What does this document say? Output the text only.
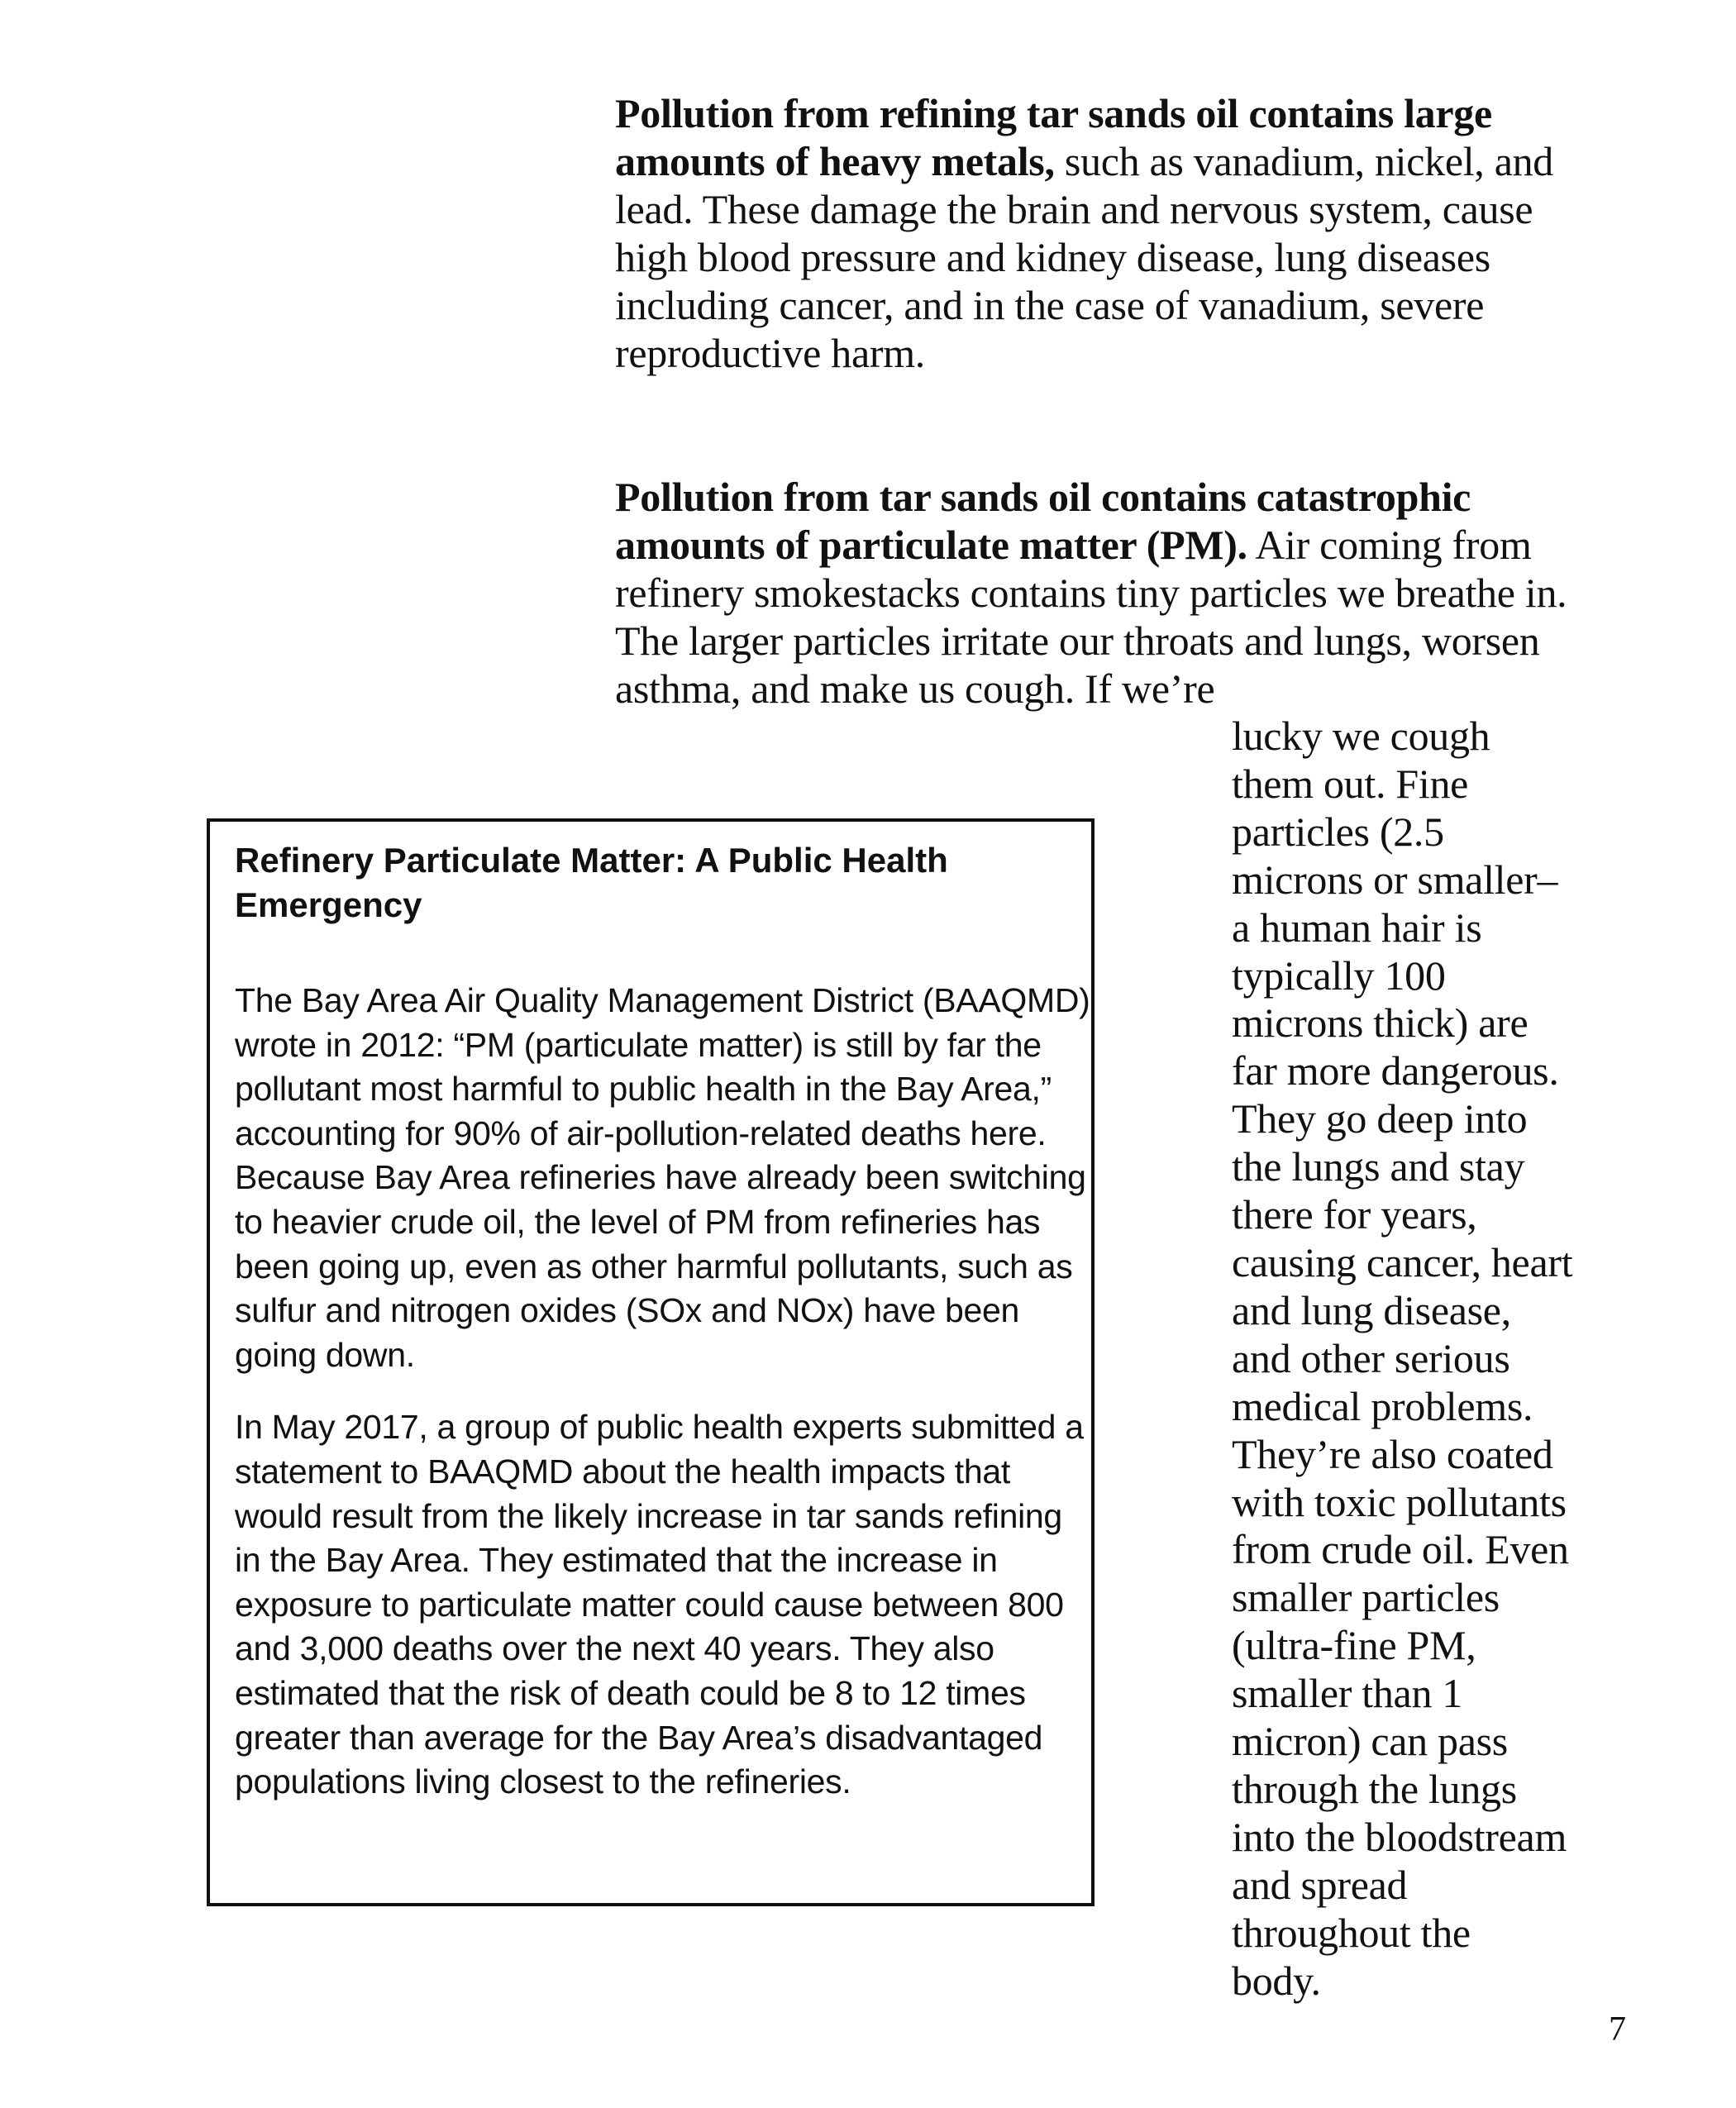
Pollution from refining tar sands oil contains large amounts of heavy metals, such as vanadium, nickel, and lead. These damage the brain and nervous system, cause high blood pressure and kidney disease, lung diseases including cancer, and in the case of vanadium, severe reproductive harm.
Pollution from tar sands oil contains catastrophic amounts of particulate matter (PM). Air coming from refinery smokestacks contains tiny particles we breathe in. The larger particles irritate our throats and lungs, worsen asthma, and make us cough. If we’re
lucky we cough
them out. Fine
particles (2.5
microns or smaller–
a human hair is
typically 100
microns thick) are
far more dangerous.
They go deep into
the lungs and stay
there for years,
causing cancer, heart
and lung disease,
and other serious
medical problems.
They’re also coated
with toxic pollutants
from crude oil. Even
smaller particles
(ultra-fine PM,
smaller than 1
micron) can pass
through the lungs
into the bloodstream
and spread
throughout the
body.

Refinery Particulate Matter: A Public Health Emergency

The Bay Area Air Quality Management District (BAAQMD) wrote in 2012: “PM (particulate matter) is still by far the pollutant most harmful to public health in the Bay Area,” accounting for 90% of air-pollution-related deaths here. Because Bay Area refineries have already been switching to heavier crude oil, the level of PM from refineries has been going up, even as other harmful pollutants, such as sulfur and nitrogen oxides (SOx and NOx) have been going down.

In May 2017, a group of public health experts submitted a statement to BAAQMD about the health impacts that would result from the likely increase in tar sands refining in the Bay Area. They estimated that the increase in exposure to particulate matter could cause between 800 and 3,000 deaths over the next 40 years. They also estimated that the risk of death could be 8 to 12 times greater than average for the Bay Area’s disadvantaged populations living closest to the refineries.

7
